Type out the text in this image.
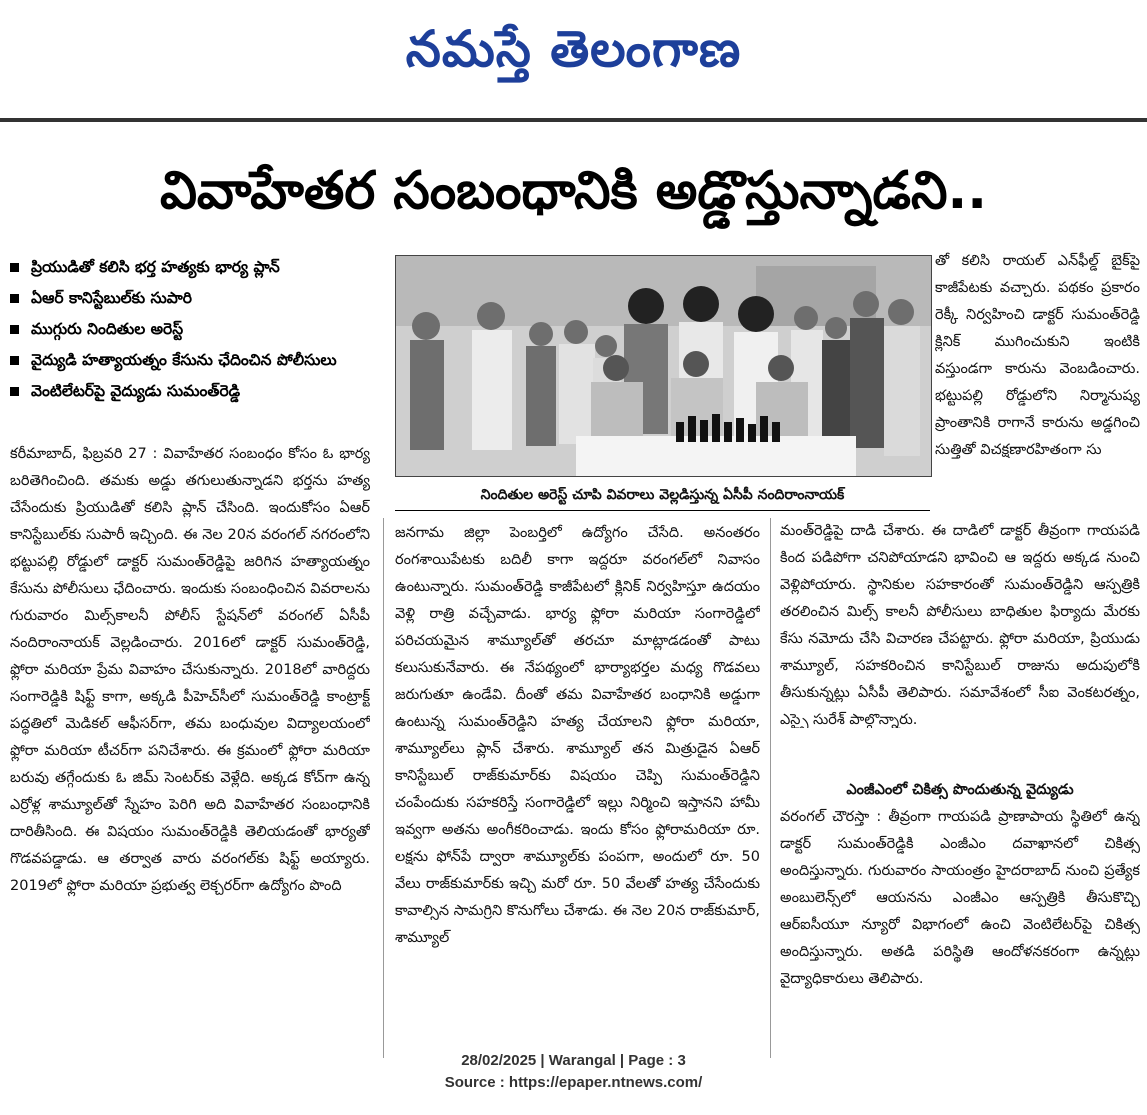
నమస్తే తెలంగాణ
వివాహేతర సంబంధానికి అడ్డొస్తున్నాడని..
ప్రియుడితో కలిసి భర్త హత్యకు భార్య ప్లాన్
ఏఆర్ కానిస్టేబుల్‌కు సుపారి
ముగ్గురు నిందితుల అరెస్ట్
వైద్యుడి హత్యాయత్నం కేసును ఛేదించిన పోలీసులు
వెంటిలేటర్‌పై వైద్యుడు సుమంత్‌రెడ్డి
నిందితుల అరెస్ట్ చూపి వివరాలు వెల్లడిస్తున్న ఏసీపీ నందిరాంనాయక్

కరీమాబాద్, ఫిబ్రవరి 27 : వివాహేతర సంబంధం కోసం ఓ భార్య బరితెగించింది. తమకు అడ్డు తగులుతున్నాడని భర్తను హత్య చేసేందుకు ప్రియుడితో కలిసి ప్లాన్ చేసింది. ఇందుకోసం ఏఆర్ కానిస్టేబుల్‌కు సుపారీ ఇచ్చింది. ఈ నెల 20న వరంగల్ నగరంలోని భట్టుపల్లి రోడ్డులో డాక్టర్ సుమంత్‌రెడ్డిపై జరిగిన హత్యాయత్నం కేసును పోలీసులు ఛేదించారు. ఇందుకు సంబంధించిన వివరాలను గురువారం మిల్స్‌కాలనీ పోలీస్ స్టేషన్‌లో వరంగల్ ఏసీపీ నందిరాంనాయక్ వెల్లడించారు. 2016లో డాక్టర్ సుమంత్‌రెడ్డి, ఫ్లోరా మరియా ప్రేమ వివాహం చేసుకున్నారు. 2018లో వారిద్దరు సంగారెడ్డికి షిఫ్ట్ కాగా, అక్కడి పీహెచ్‌సీలో సుమంత్‌రెడ్డి కాంట్రాక్ట్ పద్ధతిలో మెడికల్ ఆఫీసర్‌గా, తమ బంధువుల విద్యాలయంలో ఫ్లోరా మరియా టీచర్‌గా పనిచేశారు. ఈ క్రమంలో ఫ్లోరా మరియా బరువు తగ్గేందుకు ఓ జిమ్ సెంటర్‌కు వెళ్లేది. అక్కడ కోచ్‌గా ఉన్న ఎర్రోళ్ల శామ్యూల్‌తో స్నేహం పెరిగి అది వివాహేతర సంబంధానికి దారితీసింది. ఈ విషయం సుమంత్‌రెడ్డికి తెలియడంతో భార్యతో గొడవపడ్డాడు. ఆ తర్వాత వారు వరంగల్‌కు షిఫ్ట్ అయ్యారు. 2019లో ఫ్లోరా మరియా ప్రభుత్వ లెక్చరర్‌గా ఉద్యోగం పొంది

జనగామ జిల్లా పెంబర్తిలో ఉద్యోగం చేసేది. అనంతరం రంగశాయిపేటకు బదిలీ కాగా ఇద్దరూ వరంగల్‌లో నివాసం ఉంటున్నారు. సుమంత్‌రెడ్డి కాజీపేటలో క్లినిక్ నిర్వహిస్తూ ఉదయం వెళ్లి రాత్రి వచ్చేవాడు. భార్య ఫ్లోరా మరియా సంగారెడ్డిలో పరిచయమైన శామ్యూల్‌తో తరచూ మాట్లాడడంతో పాటు కలుసుకునేవారు. ఈ నేపథ్యంలో భార్యాభర్తల మధ్య గొడవలు జరుగుతూ ఉండేవి. దీంతో తమ వివాహేతర బంధానికి అడ్డుగా ఉంటున్న సుమంత్‌రెడ్డిని హత్య చేయాలని ఫ్లోరా మరియా, శామ్యూల్‌లు ప్లాన్ చేశారు. శామ్యూల్ తన మిత్రుడైన ఏఆర్ కానిస్టేబుల్ రాజ్‌కుమార్‌కు విషయం చెప్పి సుమంత్‌రెడ్డిని చంపేందుకు సహకరిస్తే సంగారెడ్డిలో ఇల్లు నిర్మించి ఇస్తానని హామీ ఇవ్వగా అతను అంగీకరించాడు. ఇందు కోసం ఫ్లోరామరియా రూ. లక్షను ఫోన్‌పే ద్వారా శామ్యూల్‌కు పంపగా, అందులో రూ. 50 వేలు రాజ్‌కుమార్‌కు ఇచ్చి మరో రూ. 50 వేలతో హత్య చేసేందుకు కావాల్సిన సామగ్రిని కొనుగోలు చేశాడు. ఈ నెల 20న రాజ్‌కుమార్, శామ్యూల్

తో కలిసి రాయల్ ఎన్‌ఫీల్డ్ బైక్‌పై కాజీపేటకు వచ్చారు. పథకం ప్రకారం రెక్కీ నిర్వహించి డాక్టర్ సుమంత్‌రెడ్డి క్లినిక్ ముగించుకుని ఇంటికి వస్తుండగా కారును వెంబడించారు. భట్టుపల్లి రోడ్డులోని నిర్మానుష్య ప్రాంతానికి రాగానే కారును అడ్డగించి సుత్తితో విచక్షణారహితంగా సు

మంత్‌రెడ్డిపై దాడి చేశారు. ఈ దాడిలో డాక్టర్ తీవ్రంగా గాయపడి కింద పడిపోగా చనిపోయాడని భావించి ఆ ఇద్దరు అక్కడ నుంచి వెళ్లిపోయారు. స్థానికుల సహకారంతో సుమంత్‌రెడ్డిని ఆస్పత్రికి తరలించిన మిల్స్ కాలనీ పోలీసులు బాధితుల ఫిర్యాదు మేరకు కేసు నమోదు చేసి విచారణ చేపట్టారు. ఫ్లోరా మరియా, ప్రియుడు శామ్యూల్, సహకరించిన కానిస్టేబుల్ రాజును అదుపులోకి తీసుకున్నట్లు ఏసీపీ తెలిపారు. సమావేశంలో సీఐ వెంకటరత్నం, ఎస్సై సురేశ్ పాల్గొన్నారు.

ఎంజీఎంలో చికిత్స పొందుతున్న వైద్యుడు

వరంగల్ చౌరస్తా : తీవ్రంగా గాయపడి ప్రాణాపాయ స్థితిలో ఉన్న డాక్టర్ సుమంత్‌రెడ్డికి ఎంజీఎం దవాఖానలో చికిత్స అందిస్తున్నారు. గురువారం సాయంత్రం హైదరాబాద్ నుంచి ప్రత్యేక అంబులెన్స్‌లో ఆయనను ఎంజీఎం ఆస్పత్రికి తీసుకొచ్చి ఆర్ఐసీయూ న్యూరో విభాగంలో ఉంచి వెంటిలేటర్‌పై చికిత్స అందిస్తున్నారు. అతడి పరిస్థితి ఆందోళనకరంగా ఉన్నట్లు వైద్యాధికారులు తెలిపారు.

28/02/2025 | Warangal | Page : 3
Source : https://epaper.ntnews.com/
